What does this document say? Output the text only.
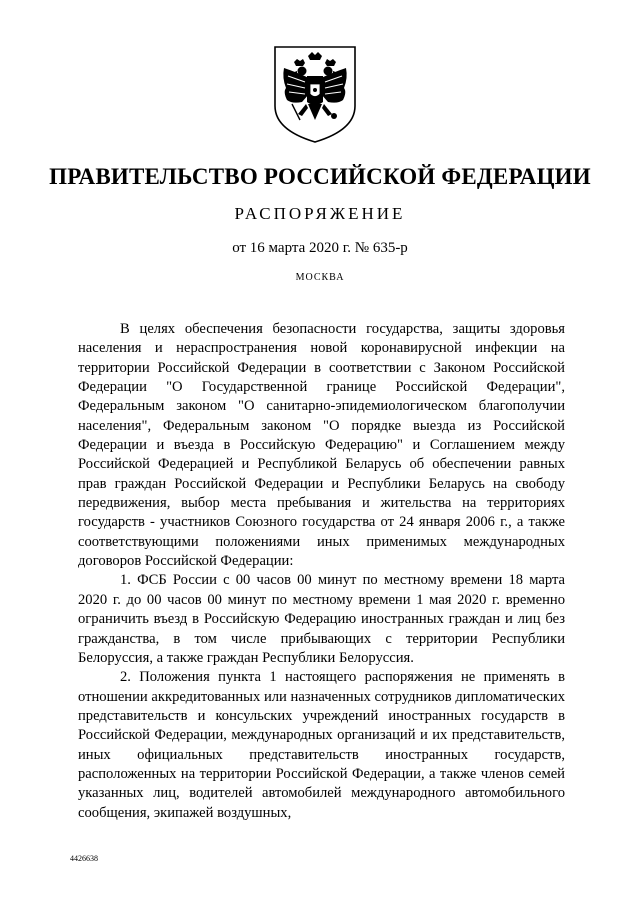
ПРАВИТЕЛЬСТВО РОССИЙСКОЙ ФЕДЕРАЦИИ
РАСПОРЯЖЕНИЕ
от 16 марта 2020 г. № 635-р
МОСКВА

В целях обеспечения безопасности государства, защиты здоровья населения и нераспространения новой коронавирусной инфекции на территории Российской Федерации в соответствии с Законом Российской Федерации "О Государственной границе Российской Федерации", Федеральным законом "О санитарно-эпидемиологическом благополучии населения", Федеральным законом "О порядке выезда из Российской Федерации и въезда в Российскую Федерацию" и Соглашением между Российской Федерацией и Республикой Беларусь об обеспечении равных прав граждан Российской Федерации и Республики Беларусь на свободу передвижения, выбор места пребывания и жительства на территориях государств - участников Союзного государства от 24 января 2006 г., а также соответствующими положениями иных применимых международных договоров Российской Федерации:

1. ФСБ России с 00 часов 00 минут по местному времени 18 марта 2020 г. до 00 часов 00 минут по местному времени 1 мая 2020 г. временно ограничить въезд в Российскую Федерацию иностранных граждан и лиц без гражданства, в том числе прибывающих с территории Республики Белоруссия, а также граждан Республики Белоруссия.

2. Положения пункта 1 настоящего распоряжения не применять в отношении аккредитованных или назначенных сотрудников дипломатических представительств и консульских учреждений иностранных государств в Российской Федерации, международных организаций и их представительств, иных официальных представительств иностранных государств, расположенных на территории Российской Федерации, а также членов семей указанных лиц, водителей автомобилей международного автомобильного сообщения, экипажей воздушных,

4426638
